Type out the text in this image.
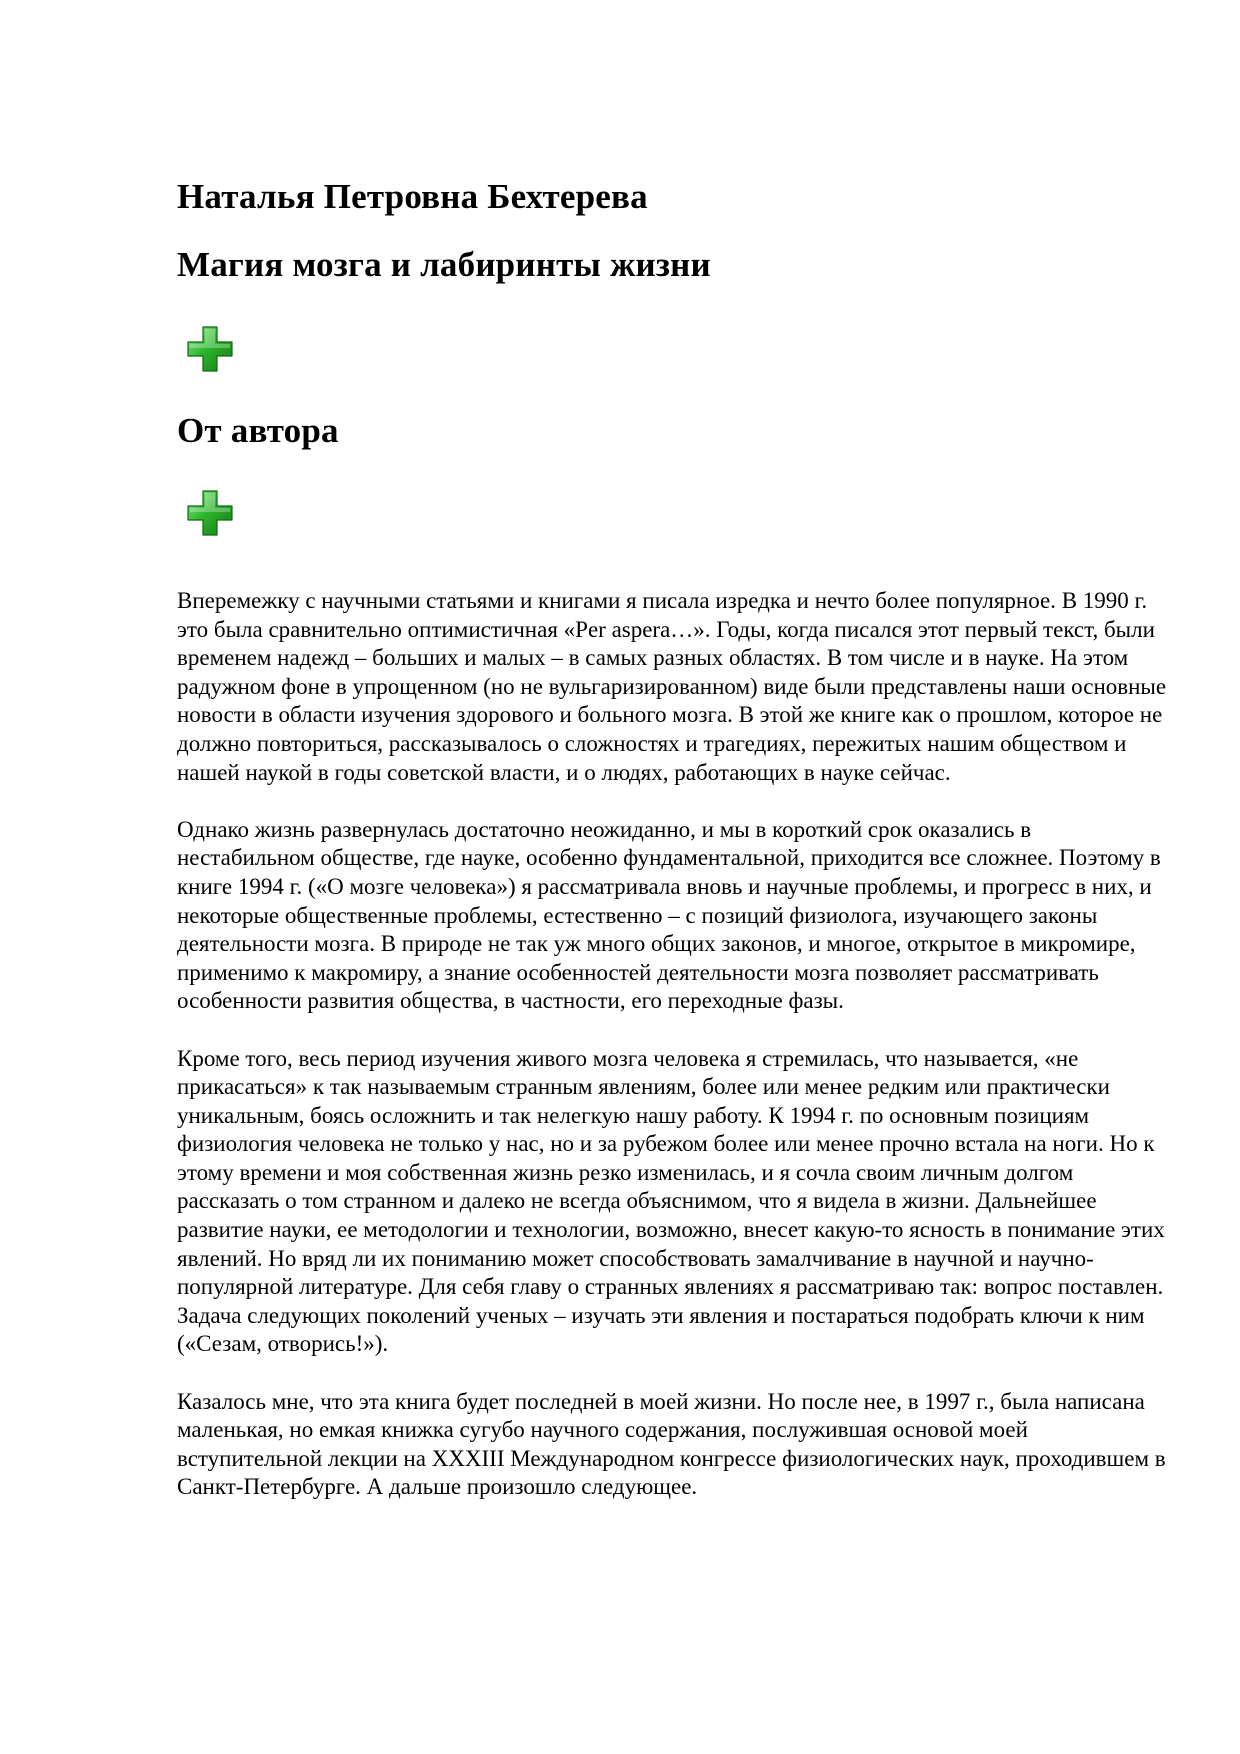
Наталья Петровна Бехтерева
Магия мозга и лабиринты жизни
От автора

Вперемежку с научными статьями и книгами я писала изредка и нечто более популярное. В 1990 г. это была сравнительно оптимистичная «Per aspera…». Годы, когда писался этот первый текст, были временем надежд – больших и малых – в самых разных областях. В том числе и в науке. На этом радужном фоне в упрощенном (но не вульгаризированном) виде были представлены наши основные новости в области изучения здорового и больного мозга. В этой же книге как о прошлом, которое не должно повториться, рассказывалось о сложностях и трагедиях, пережитых нашим обществом и нашей наукой в годы советской власти, и о людях, работающих в науке сейчас.

Однако жизнь развернулась достаточно неожиданно, и мы в короткий срок оказались в нестабильном обществе, где науке, особенно фундаментальной, приходится все сложнее. Поэтому в книге 1994 г. («О мозге человека») я рассматривала вновь и научные проблемы, и прогресс в них, и некоторые общественные проблемы, естественно – с позиций физиолога, изучающего законы деятельности мозга. В природе не так уж много общих законов, и многое, открытое в микромире, применимо к макромиру, а знание особенностей деятельности мозга позволяет рассматривать особенности развития общества, в частности, его переходные фазы.

Кроме того, весь период изучения живого мозга человека я стремилась, что называется, «не прикасаться» к так называемым странным явлениям, более или менее редким или практически уникальным, боясь осложнить и так нелегкую нашу работу. К 1994 г. по основным позициям физиология человека не только у нас, но и за рубежом более или менее прочно встала на ноги. Но к этому времени и моя собственная жизнь резко изменилась, и я сочла своим личным долгом рассказать о том странном и далеко не всегда объяснимом, что я видела в жизни. Дальнейшее развитие науки, ее методологии и технологии, возможно, внесет какую-то ясность в понимание этих явлений. Но вряд ли их пониманию может способствовать замалчивание в научной и научно-популярной литературе. Для себя главу о странных явлениях я рассматриваю так: вопрос поставлен. Задача следующих поколений ученых – изучать эти явления и постараться подобрать ключи к ним («Сезам, отворись!»).

Казалось мне, что эта книга будет последней в моей жизни. Но после нее, в 1997 г., была написана маленькая, но емкая книжка сугубо научного содержания, послужившая основой моей вступительной лекции на XXXIII Международном конгрессе физиологических наук, проходившем в Санкт-Петербурге. А дальше произошло следующее.
